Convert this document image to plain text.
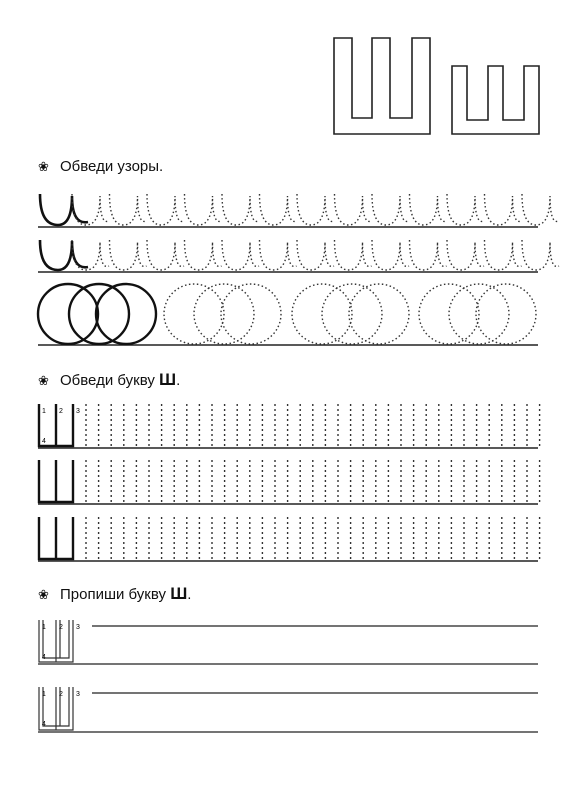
1 2 3
4
1 2 3
4
1 2 3
4
❀ Обведи узоры.
❀ Обведи букву Ш.
❀ Пропиши букву Ш.
